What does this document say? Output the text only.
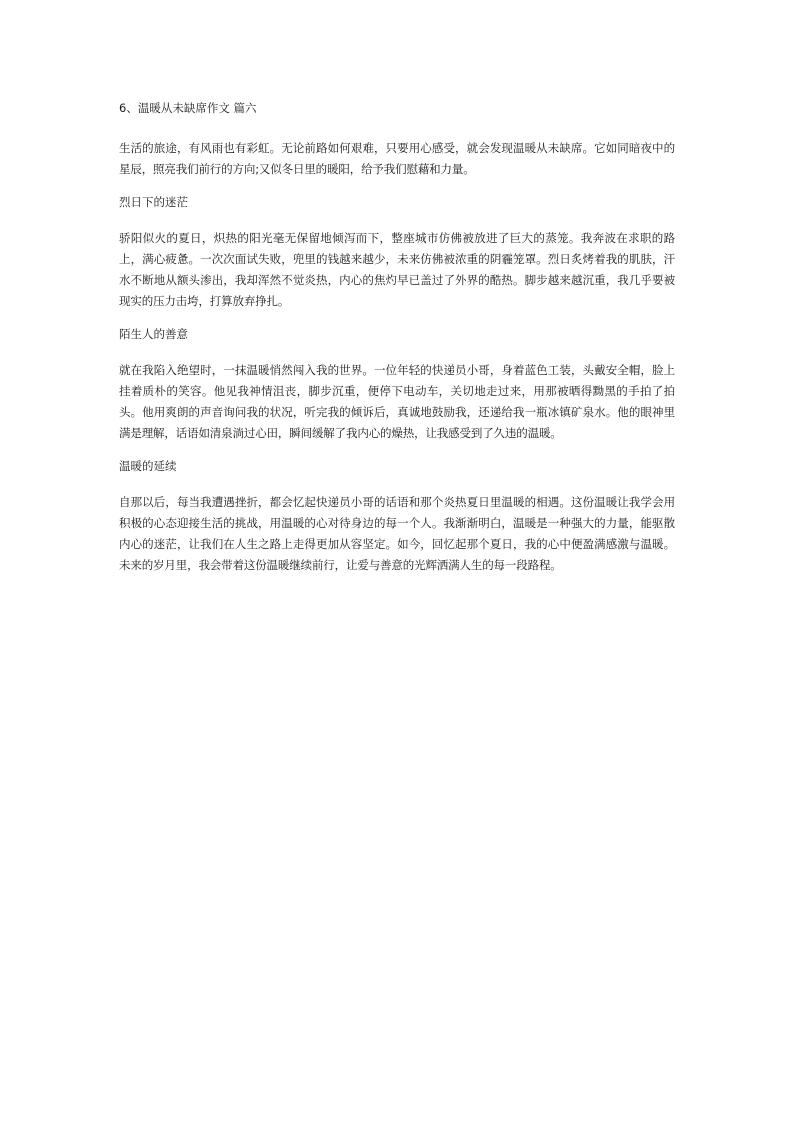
6、温暖从未缺席作文 篇六

生活的旅途，有风雨也有彩虹。无论前路如何艰难，只要用心感受，就会发现温暖从未缺席。它如同暗夜中的星辰，照亮我们前行的方向;又似冬日里的暖阳，给予我们慰藉和力量。

烈日下的迷茫

骄阳似火的夏日，炽热的阳光毫无保留地倾泻而下，整座城市仿佛被放进了巨大的蒸笼。我奔波在求职的路上，满心疲惫。一次次面试失败，兜里的钱越来越少，未来仿佛被浓重的阴霾笼罩。烈日炙烤着我的肌肤，汗水不断地从额头渗出，我却浑然不觉炎热，内心的焦灼早已盖过了外界的酷热。脚步越来越沉重，我几乎要被现实的压力击垮，打算放弃挣扎。

陌生人的善意

就在我陷入绝望时，一抹温暖悄然闯入我的世界。一位年轻的快递员小哥，身着蓝色工装，头戴安全帽，脸上挂着质朴的笑容。他见我神情沮丧，脚步沉重，便停下电动车，关切地走过来，用那被晒得黝黑的手拍了拍头。他用爽朗的声音询问我的状况，听完我的倾诉后，真诚地鼓励我，还递给我一瓶冰镇矿泉水。他的眼神里满是理解，话语如清泉淌过心田，瞬间缓解了我内心的燥热，让我感受到了久违的温暖。

温暖的延续

自那以后，每当我遭遇挫折，都会忆起快递员小哥的话语和那个炎热夏日里温暖的相遇。这份温暖让我学会用积极的心态迎接生活的挑战，用温暖的心对待身边的每一个人。我渐渐明白，温暖是一种强大的力量，能驱散内心的迷茫，让我们在人生之路上走得更加从容坚定。如今，回忆起那个夏日，我的心中便盈满感激与温暖。未来的岁月里，我会带着这份温暖继续前行，让爱与善意的光辉洒满人生的每一段路程。
